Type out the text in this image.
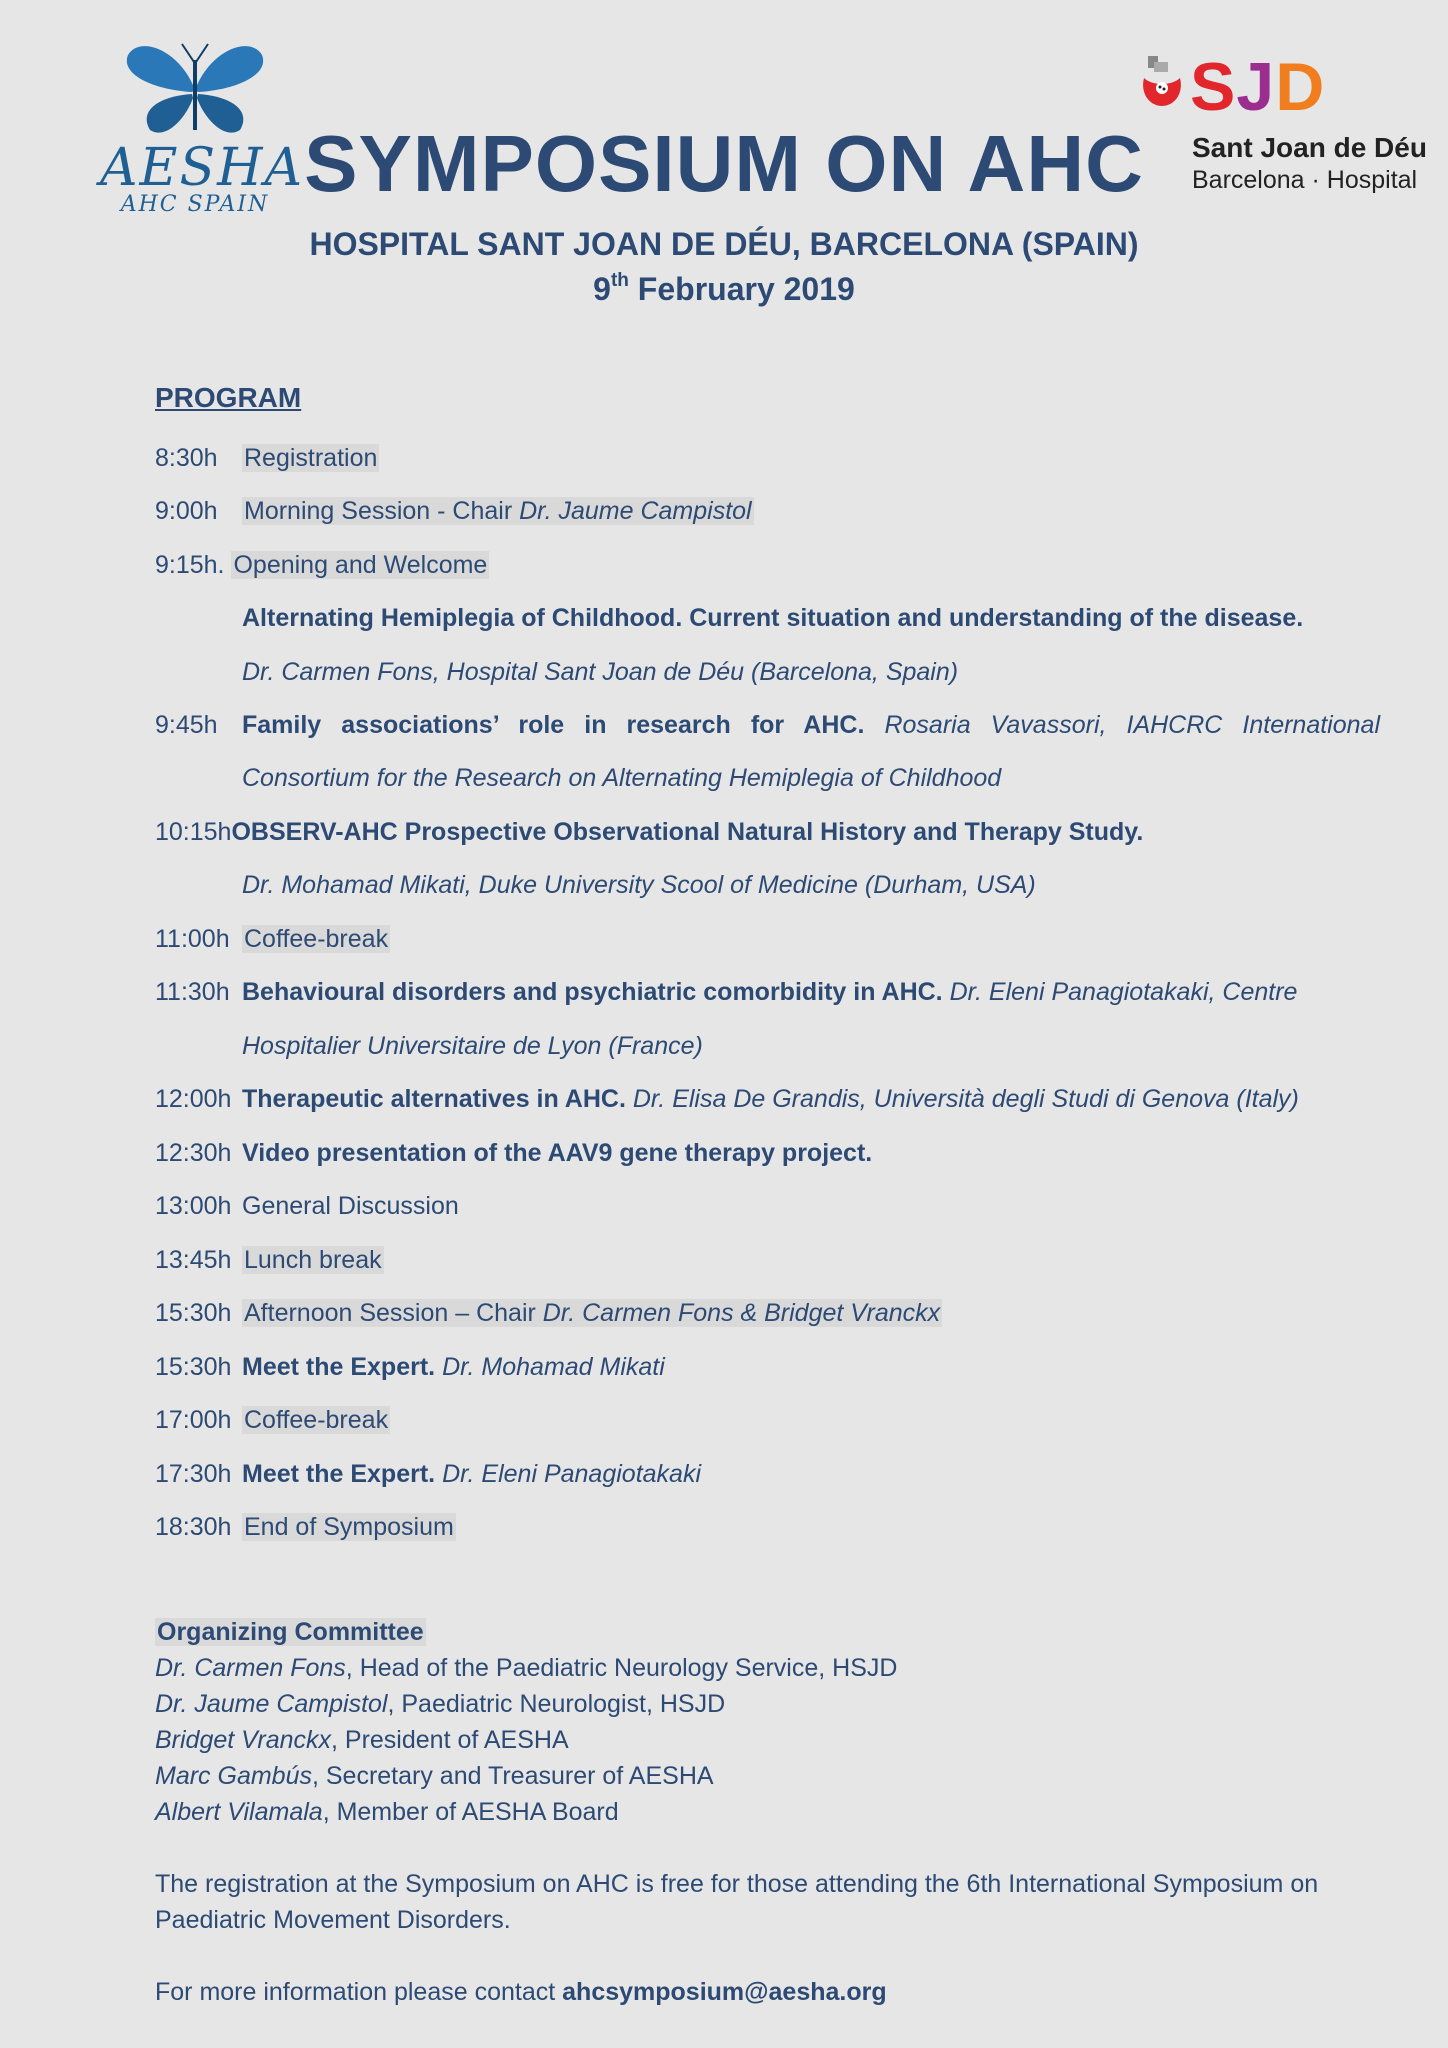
AESHA
AHC SPAIN
SJD
Sant Joan de Déu
Barcelona · Hospital
SYMPOSIUM ON AHC
HOSPITAL SANT JOAN DE DÉU, BARCELONA (SPAIN)
9th February 2019
PROGRAM
8:30h Registration
9:00h Morning Session - Chair Dr. Jaume Campistol
9:15h. Opening and Welcome
Alternating Hemiplegia of Childhood. Current situation and understanding of the disease.
Dr. Carmen Fons, Hospital Sant Joan de Déu (Barcelona, Spain)
9:45h Family associations’ role in research for AHC. Rosaria Vavassori, IAHCRC International
Consortium for the Research on Alternating Hemiplegia of Childhood
10:15hOBSERV-AHC Prospective Observational Natural History and Therapy Study.
Dr. Mohamad Mikati, Duke University Scool of Medicine (Durham, USA)
11:00h Coffee-break
11:30h Behavioural disorders and psychiatric comorbidity in AHC. Dr. Eleni Panagiotakaki, Centre
Hospitalier Universitaire de Lyon (France)
12:00h Therapeutic alternatives in AHC. Dr. Elisa De Grandis, Università degli Studi di Genova (Italy)
12:30h Video presentation of the AAV9 gene therapy project.
13:00h General Discussion
13:45h Lunch break
15:30h Afternoon Session – Chair Dr. Carmen Fons & Bridget Vranckx
15:30h Meet the Expert. Dr. Mohamad Mikati
17:00h Coffee-break
17:30h Meet the Expert. Dr. Eleni Panagiotakaki
18:30h End of Symposium
Organizing Committee
Dr. Carmen Fons, Head of the Paediatric Neurology Service, HSJD
Dr. Jaume Campistol, Paediatric Neurologist, HSJD
Bridget Vranckx, President of AESHA
Marc Gambús, Secretary and Treasurer of AESHA
Albert Vilamala, Member of AESHA Board
The registration at the Symposium on AHC is free for those attending the 6th International Symposium on Paediatric Movement Disorders.
For more information please contact ahcsymposium@aesha.org
